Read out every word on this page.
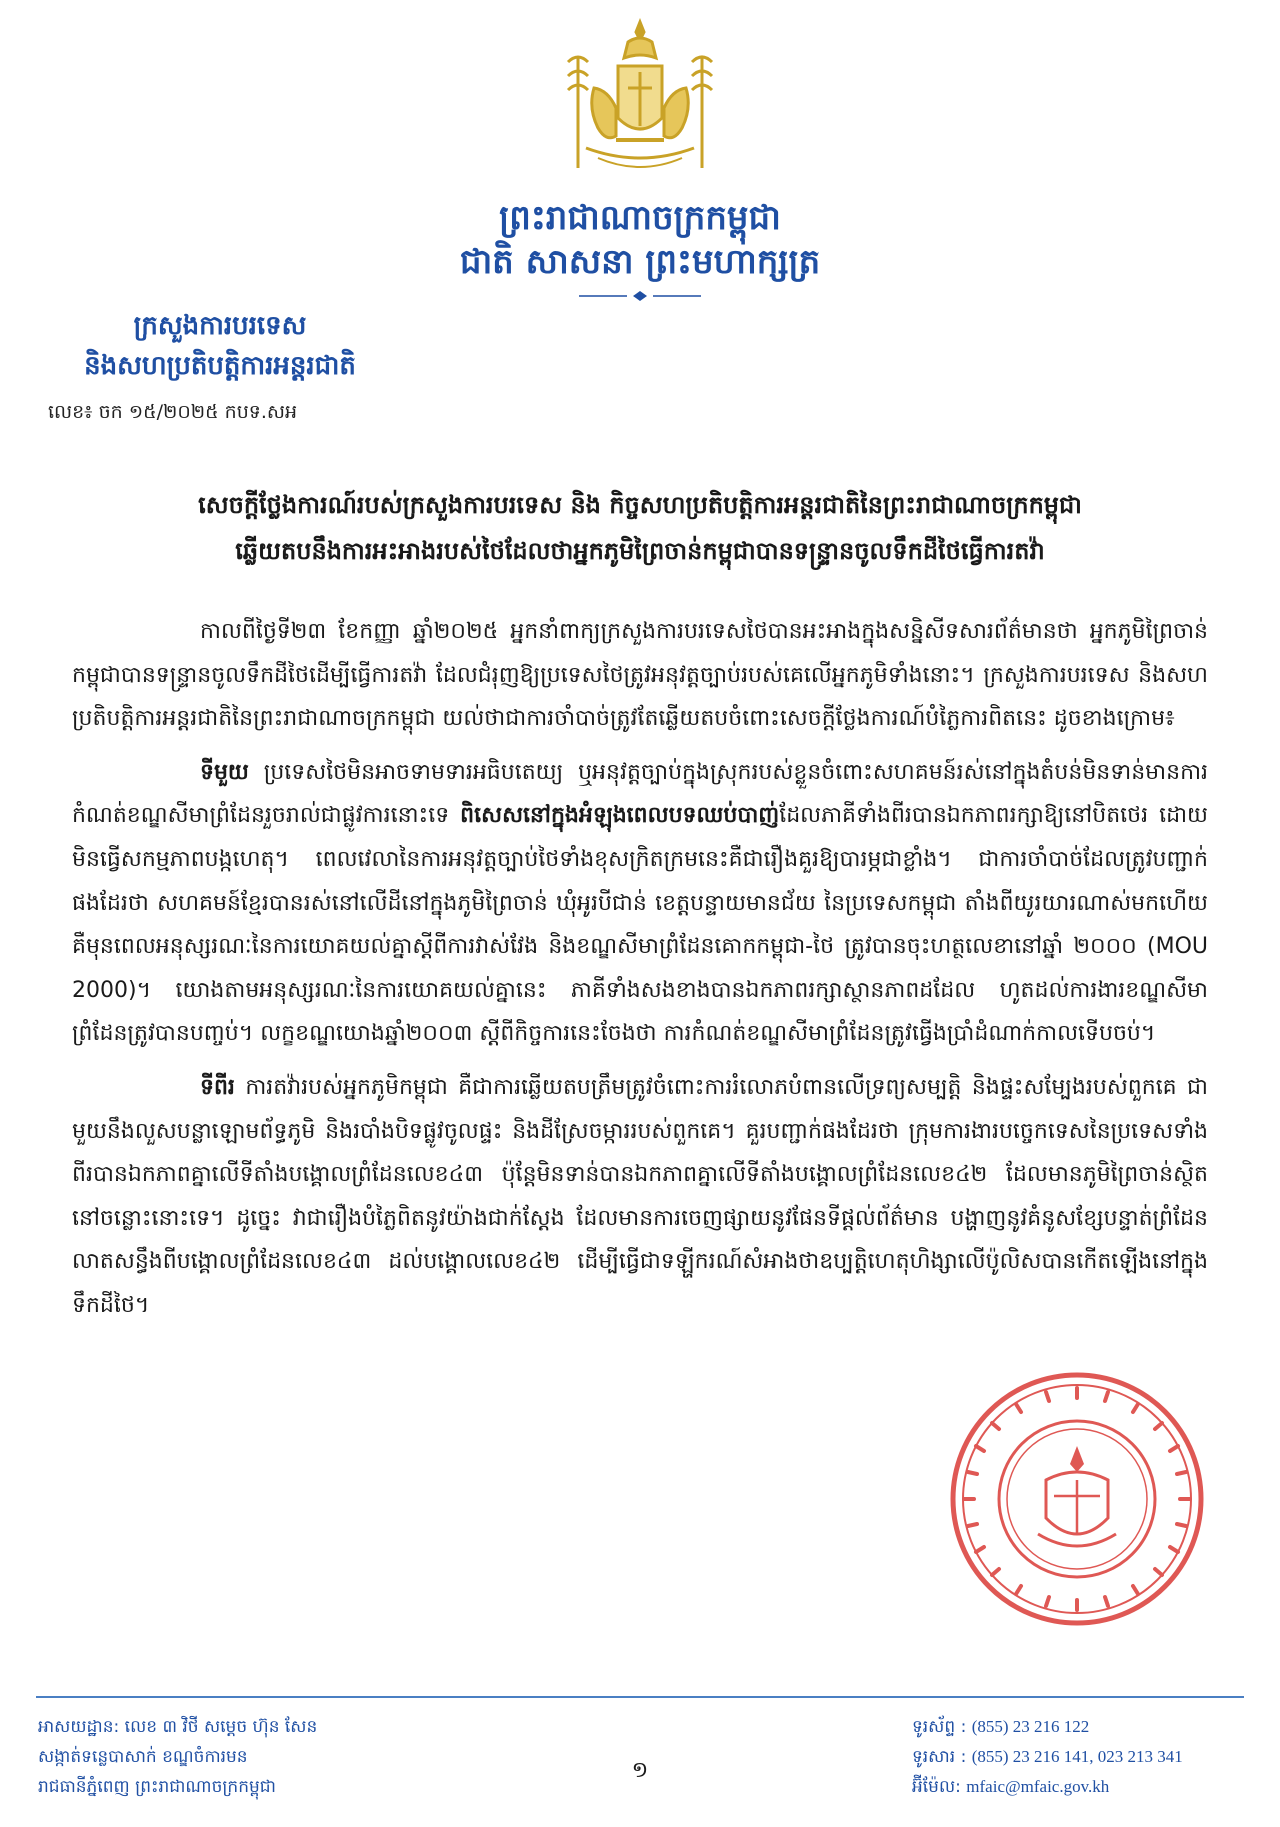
ព្រះរាជាណាចក្រកម្ពុជា
ជាតិ សាសនា ព្រះមហាក្សត្រ
ក្រសួងការបរទេស
និងសហប្រតិបត្តិការអន្តរជាតិ
លេខ៖ ចក ១៥/២០២៥ កបទ.សអ
សេចក្តីថ្លែងការណ៍របស់ក្រសួងការបរទេស និង កិច្ចសហប្រតិបត្តិការអន្តរជាតិនៃព្រះរាជាណាចក្រកម្ពុជា
ឆ្លើយតបនឹងការអះអាងរបស់ថៃដែលថាអ្នកភូមិព្រៃចាន់កម្ពុជាបានទន្ទ្រានចូលទឹកដីថៃធ្វើការតវ៉ា

កាលពីថ្ងៃទី២៣ ខែកញ្ញា ឆ្នាំ២០២៥ អ្នកនាំពាក្យក្រសួងការបរទេសថៃបានអះអាងក្នុងសន្និសីទសារព័ត៌មានថា អ្នកភូមិព្រៃចាន់កម្ពុជាបានទន្ទ្រានចូលទឹកដីថៃដើម្បីធ្វើការតវ៉ា ដែលជំរុញឱ្យប្រទេសថៃត្រូវអនុវត្តច្បាប់របស់គេលើអ្នកភូមិទាំងនោះ។ ក្រសួងការបរទេស និងសហប្រតិបត្តិការអន្តរជាតិនៃព្រះរាជាណាចក្រកម្ពុជា យល់ថាជាការចាំបាច់ត្រូវតែឆ្លើយតបចំពោះសេចក្តីថ្លែងការណ៍បំភ្លៃការពិតនេះ ដូចខាងក្រោម៖

ទីមួយ ប្រទេសថៃមិនអាចទាមទារអធិបតេយ្យ ឬអនុវត្តច្បាប់ក្នុងស្រុករបស់ខ្លួនចំពោះសហគមន៍រស់នៅក្នុងតំបន់មិនទាន់មានការកំណត់ខណ្ឌសីមាព្រំដែនរួចរាល់ជាផ្លូវការនោះទេ ពិសេសនៅក្នុងអំឡុងពេលបទឈប់បាញ់ដែលភាគីទាំងពីរបានឯកភាពរក្សាឱ្យនៅបិតថេរ ដោយមិនធ្វើសកម្មភាពបង្កហេតុ។ ពេលវេលានៃការអនុវត្តច្បាប់ថៃទាំងខុសក្រិតក្រមនេះគឺជារឿងគួរឱ្យបារម្ភជាខ្លាំង។ ជាការចាំបាច់ដែលត្រូវបញ្ជាក់ផងដែរថា សហគមន៍ខ្មែរបានរស់នៅលើដីនៅក្នុងភូមិព្រៃចាន់ ឃុំអូរបីជាន់ ខេត្តបន្ទាយមានជ័យ នៃប្រទេសកម្ពុជា តាំងពីយូរយារណាស់មកហើយ គឺមុនពេលអនុស្សរណៈនៃការយោគយល់គ្នាស្តីពីការវាស់វែង និងខណ្ឌសីមាព្រំដែនគោកកម្ពុជា-ថៃ ត្រូវបានចុះហត្ថលេខានៅឆ្នាំ ២០០០ (MOU 2000)។ យោងតាមអនុស្សរណៈនៃការយោគយល់គ្នានេះ ភាគីទាំងសងខាងបានឯកភាពរក្សាស្ថានភាពដដែល ហូតដល់ការងារខណ្ឌសីមាព្រំដែនត្រូវបានបញ្ចប់។ លក្ខខណ្ឌយោងឆ្នាំ២០០៣ ស្តីពីកិច្ចការនេះចែងថា ការកំណត់ខណ្ឌសីមាព្រំដែនត្រូវធ្វើងប្រាំដំណាក់កាលទើបចប់។

ទីពីរ ការតវ៉ារបស់អ្នកភូមិកម្ពុជា គឺជាការឆ្លើយតបត្រឹមត្រូវចំពោះការរំលោភបំពានលើទ្រព្យសម្បត្តិ និងផ្ទះសម្បែងរបស់ពួកគេ ជាមួយនឹងលួសបន្លាឡោមព័ទ្ធភូមិ និងរបាំងបិទផ្លូវចូលផ្ទះ និងដីស្រែចម្ការរបស់ពួកគេ។ គួរបញ្ជាក់ផងដែរថា ក្រុមការងារបច្ចេកទេសនៃប្រទេសទាំងពីរបានឯកភាពគ្នាលើទីតាំងបង្គោលព្រំដែនលេខ៤៣ ប៉ុន្តែមិនទាន់បានឯកភាពគ្នាលើទីតាំងបង្គោលព្រំដែនលេខ៤២ ដែលមានភូមិព្រៃចាន់ស្ថិតនៅចន្លោះនោះទេ។ ដូច្នេះ វាជារឿងបំភ្លៃពិតនូវយ៉ាងជាក់ស្តែង ដែលមានការចេញផ្សាយនូវផែនទីផ្តល់ព័ត៌មាន បង្ហាញនូវគំនូសខ្សែបន្ទាត់ព្រំដែនលាតសន្ធឹងពីបង្គោលព្រំដែនលេខ៤៣ ដល់បង្គោលលេខ៤២ ដើម្បីធ្វើជាទឡ្ហីករណ៍សំអាងថាឧប្បត្តិហេតុហិង្សាលើប៉ូលិសបានកើតឡើងនៅក្នុងទឹកដីថៃ។

អាសយដ្ឋាន: លេខ ៣ វិថី សម្តេច ហ៊ុន សែន
សង្កាត់ទន្លេបាសាក់ ខណ្ឌចំការមន
រាជធានីភ្នំពេញ ព្រះរាជាណាចក្រកម្ពុជា
១
ទូរស័ព្ទ : (855) 23 216 122
ទូរសារ : (855) 23 216 141, 023 213 341
អ៊ីម៉ែល: mfaic@mfaic.gov.kh
